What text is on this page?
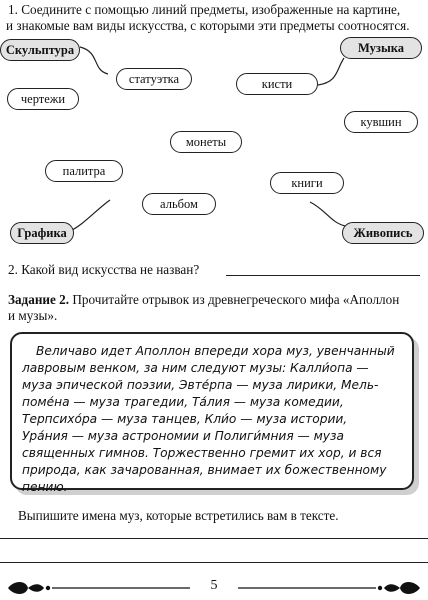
1. Соедините с помощью линий предметы, изображенные на картине,
и знакомые вам виды искусства, с которыми эти предметы соотносятся.
Скульптура	Музыка
Графика	Живопись
статуэтка	кисти
чертежи
кувшин
монеты
палитра
книги
альбом
2. Какой вид искусства не назван?
Задание 2. Прочитайте отрывок из древнегреческого мифа «Аполлон
и музы».
Величаво идет Аполлон впереди хора муз, увенчанный
лавровым венком, за ним следуют музы: Калли́опа —
муза эпической поэзии, Эвте́рпа — муза лирики, Мель-
поме́на — муза трагедии, Та́лия — муза комедии,
Терпсихо́ра — муза танцев, Кли́о — муза истории,
Ура́ния — муза астрономии и Полиги́мния — муза
священных гимнов. Торжественно гремит их хор, и вся
природа, как зачарованная, внимает их божественному
пению.
Выпишите имена муз, которые встретились вам в тексте.
5
